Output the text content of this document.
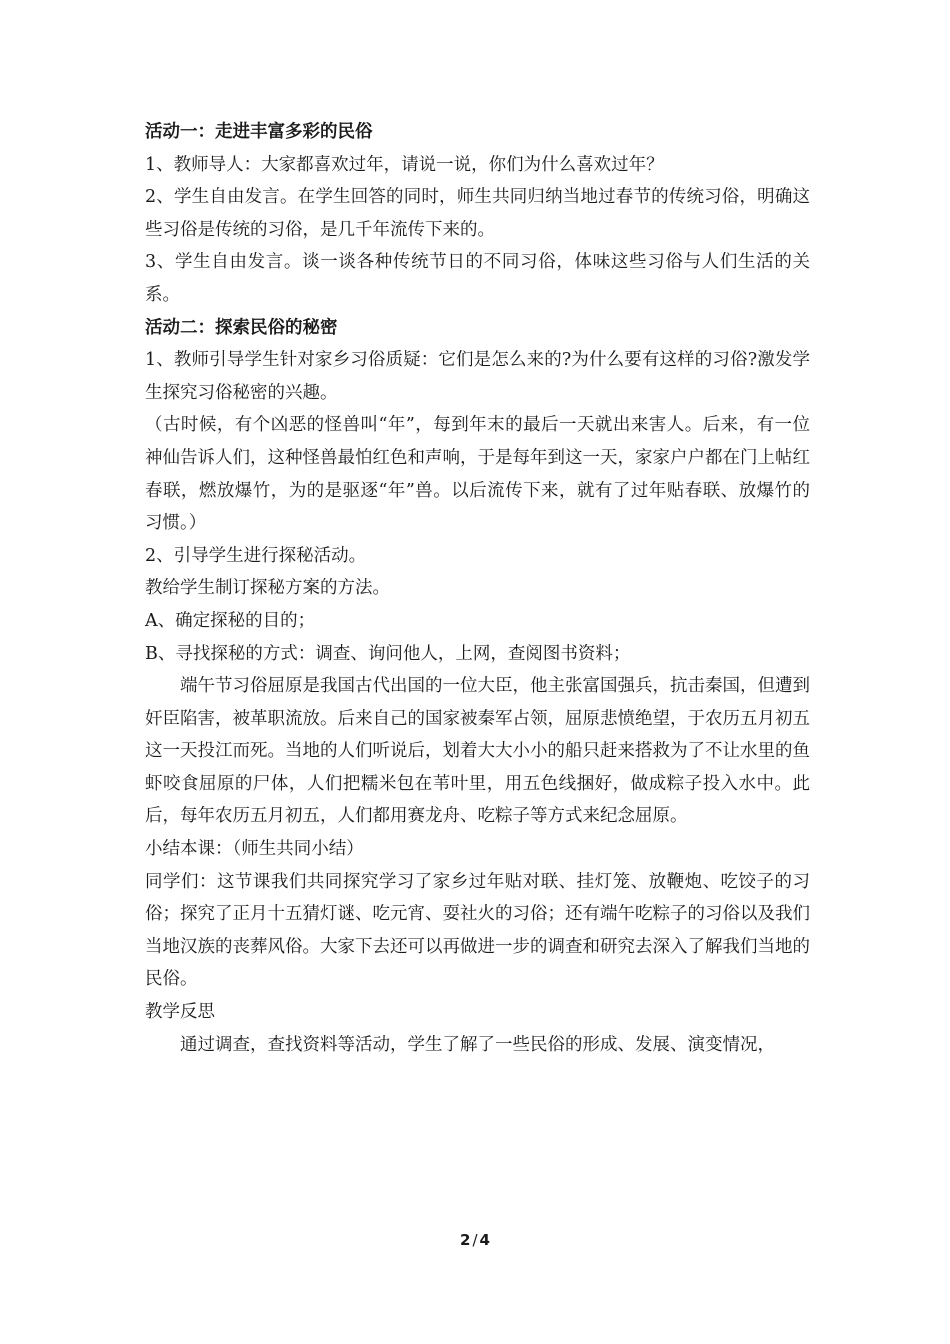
活动一：走进丰富多彩的民俗

1、教师导人：大家都喜欢过年，请说一说，你们为什么喜欢过年？

2、学生自由发言。在学生回答的同时，师生共同归纳当地过春节的传统习俗，明确这些习俗是传统的习俗，是几千年流传下来的。

3、学生自由发言。谈一谈各种传统节日的不同习俗，体味这些习俗与人们生活的关系。

活动二：探索民俗的秘密

1、教师引导学生针对家乡习俗质疑：它们是怎么来的?为什么要有这样的习俗?激发学生探究习俗秘密的兴趣。

（古时候，有个凶恶的怪兽叫“年”，每到年末的最后一天就出来害人。后来，有一位神仙告诉人们，这种怪兽最怕红色和声响，于是每年到这一天，家家户户都在门上帖红春联，燃放爆竹，为的是驱逐“年”兽。以后流传下来，就有了过年贴春联、放爆竹的习惯。）

2、引导学生进行探秘活动。

教给学生制订探秘方案的方法。

A、确定探秘的目的；

B、寻找探秘的方式：调查、询问他人，上网，查阅图书资料；

端午节习俗屈原是我国古代出国的一位大臣，他主张富国强兵，抗击秦国，但遭到奸臣陷害，被革职流放。后来自己的国家被秦军占领，屈原悲愤绝望，于农历五月初五这一天投江而死。当地的人们听说后，划着大大小小的船只赶来搭救为了不让水里的鱼虾咬食屈原的尸体，人们把糯米包在苇叶里，用五色线捆好，做成粽子投入水中。此后，每年农历五月初五，人们都用赛龙舟、吃粽子等方式来纪念屈原。

小结本课：（师生共同小结）

同学们：这节课我们共同探究学习了家乡过年贴对联、挂灯笼、放鞭炮、吃饺子的习俗；探究了正月十五猜灯谜、吃元宵、耍社火的习俗；还有端午吃粽子的习俗以及我们当地汉族的丧葬风俗。大家下去还可以再做进一步的调查和研究去深入了解我们当地的民俗。

教学反思

通过调查，查找资料等活动，学生了解了一些民俗的形成、发展、演变情况，

2 / 4
